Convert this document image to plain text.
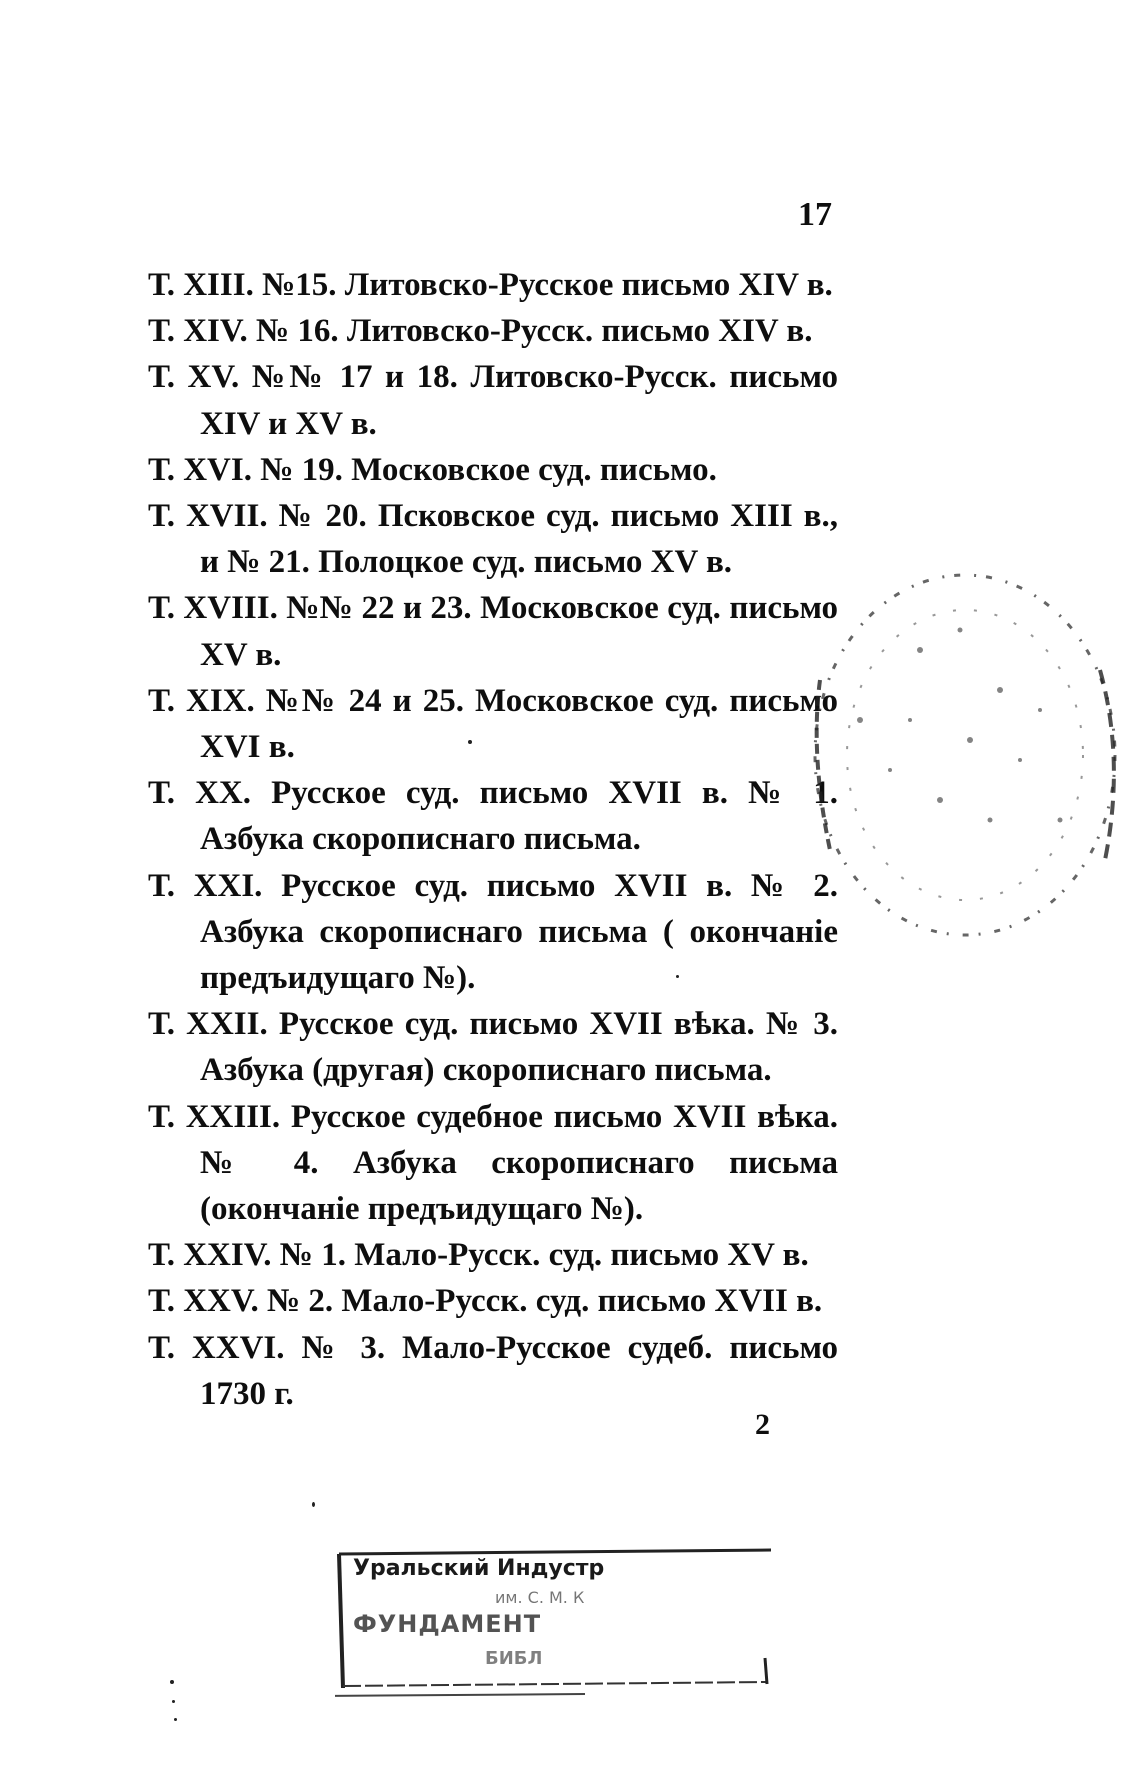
17
Т. XIII. №15. Литовско-Русское письмо XIV в.
Т. XIV. № 16. Литовско-Русск. письмо XIV в.
Т. XV. №№ 17 и 18. Литовско-Русск. письмо XIV и XV в.
Т. XVI. № 19. Московское суд. письмо.
Т. XVII. № 20. Псковское суд. письмо XIII в., и № 21. Полоцкое суд. письмо XV в.
Т. XVIII. №№ 22 и 23. Московское суд. письмо XV в.
Т. XIX. №№ 24 и 25. Московское суд. письмо XVI в.
Т. XX. Русское суд. письмо XVII в. № 1. Азбука скорописнаго письма.
Т. XXI. Русское суд. письмо XVII в. № 2. Азбука скорописнаго письма ( окончаніе предъидущаго №).
Т. XXII. Русское суд. письмо XVII вѣка. № 3. Азбука (другая) скорописнаго письма.
Т. XXIII. Русское судебное письмо XVII вѣка. № 4. Азбука скорописнаго письма (окончаніе предъидущаго №).
Т. XXIV. № 1. Мало-Русск. суд. письмо XV в.
Т. XXV. № 2. Мало-Русск. суд. письмо XVII в.
Т. XXVI. № 3. Мало-Русское судеб. письмо 1730 г.
2
Уральский Индустр
им. С. М. К
ФУНДАМЕНТ
БИБЛ
